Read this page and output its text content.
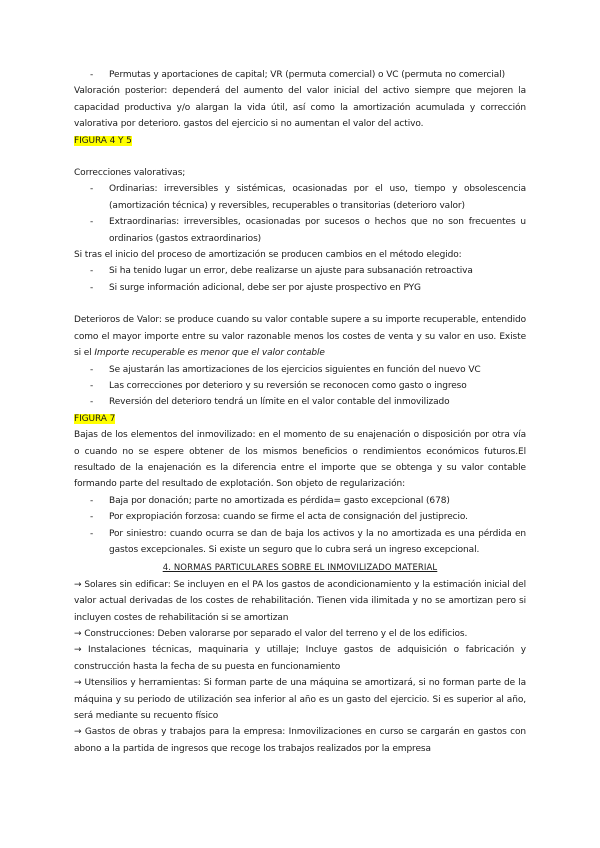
- Permutas y aportaciones de capital; VR (permuta comercial) o VC (permuta no comercial)

Valoración posterior: dependerá del aumento del valor inicial del activo siempre que mejoren la capacidad productiva y/o alargan la vida útil, así como la amortización acumulada y corrección valorativa por deterioro. gastos del ejercicio si no aumentan el valor del activo.

FIGURA 4 Y 5

Correcciones valorativas;

- Ordinarias: irreversibles y sistémicas, ocasionadas por el uso, tiempo y obsolescencia (amortización técnica) y reversibles, recuperables o transitorias (deterioro valor)

- Extraordinarias: irreversibles, ocasionadas por sucesos o hechos que no son frecuentes u ordinarios (gastos extraordinarios)

Si tras el inicio del proceso de amortización se producen cambios en el método elegido:

- Si ha tenido lugar un error, debe realizarse un ajuste para subsanación retroactiva

- Si surge información adicional, debe ser por ajuste prospectivo en PYG

Deterioros de Valor: se produce cuando su valor contable supere a su importe recuperable, entendido como el mayor importe entre su valor razonable menos los costes de venta y su valor en uso. Existe si el Importe recuperable es menor que el valor contable

- Se ajustarán las amortizaciones de los ejercicios siguientes en función del nuevo VC

- Las correcciones por deterioro y su reversión se reconocen como gasto o ingreso

- Reversión del deterioro tendrá un límite en el valor contable del inmovilizado

FIGURA 7

Bajas de los elementos del inmovilizado: en el momento de su enajenación o disposición por otra vía o cuando no se espere obtener de los mismos beneficios o rendimientos económicos futuros.El resultado de la enajenación es la diferencia entre el importe que se obtenga y su valor contable formando parte del resultado de explotación. Son objeto de regularización:

- Baja por donación; parte no amortizada es pérdida= gasto excepcional (678)

- Por expropiación forzosa: cuando se firme el acta de consignación del justiprecio.

- Por siniestro: cuando ocurra se dan de baja los activos y la no amortizada es una pérdida en gastos excepcionales. Si existe un seguro que lo cubra será un ingreso excepcional.

4. NORMAS PARTICULARES SOBRE EL INMOVILIZADO MATERIAL

→ Solares sin edificar: Se incluyen en el PA los gastos de acondicionamiento y la estimación inicial del valor actual derivadas de los costes de rehabilitación. Tienen vida ilimitada y no se amortizan pero si incluyen costes de rehabilitación si se amortizan

→ Construcciones: Deben valorarse por separado el valor del terreno y el de los edificios.

→ Instalaciones técnicas, maquinaria y utillaje; Incluye gastos de adquisición o fabricación y construcción hasta la fecha de su puesta en funcionamiento

→ Utensilios y herramientas: Si forman parte de una máquina se amortizará, si no forman parte de la máquina y su periodo de utilización sea inferior al año es un gasto del ejercicio. Si es superior al año, será mediante su recuento físico

→ Gastos de obras y trabajos para la empresa: Inmovilizaciones en curso se cargarán en gastos con abono a la partida de ingresos que recoge los trabajos realizados por la empresa
